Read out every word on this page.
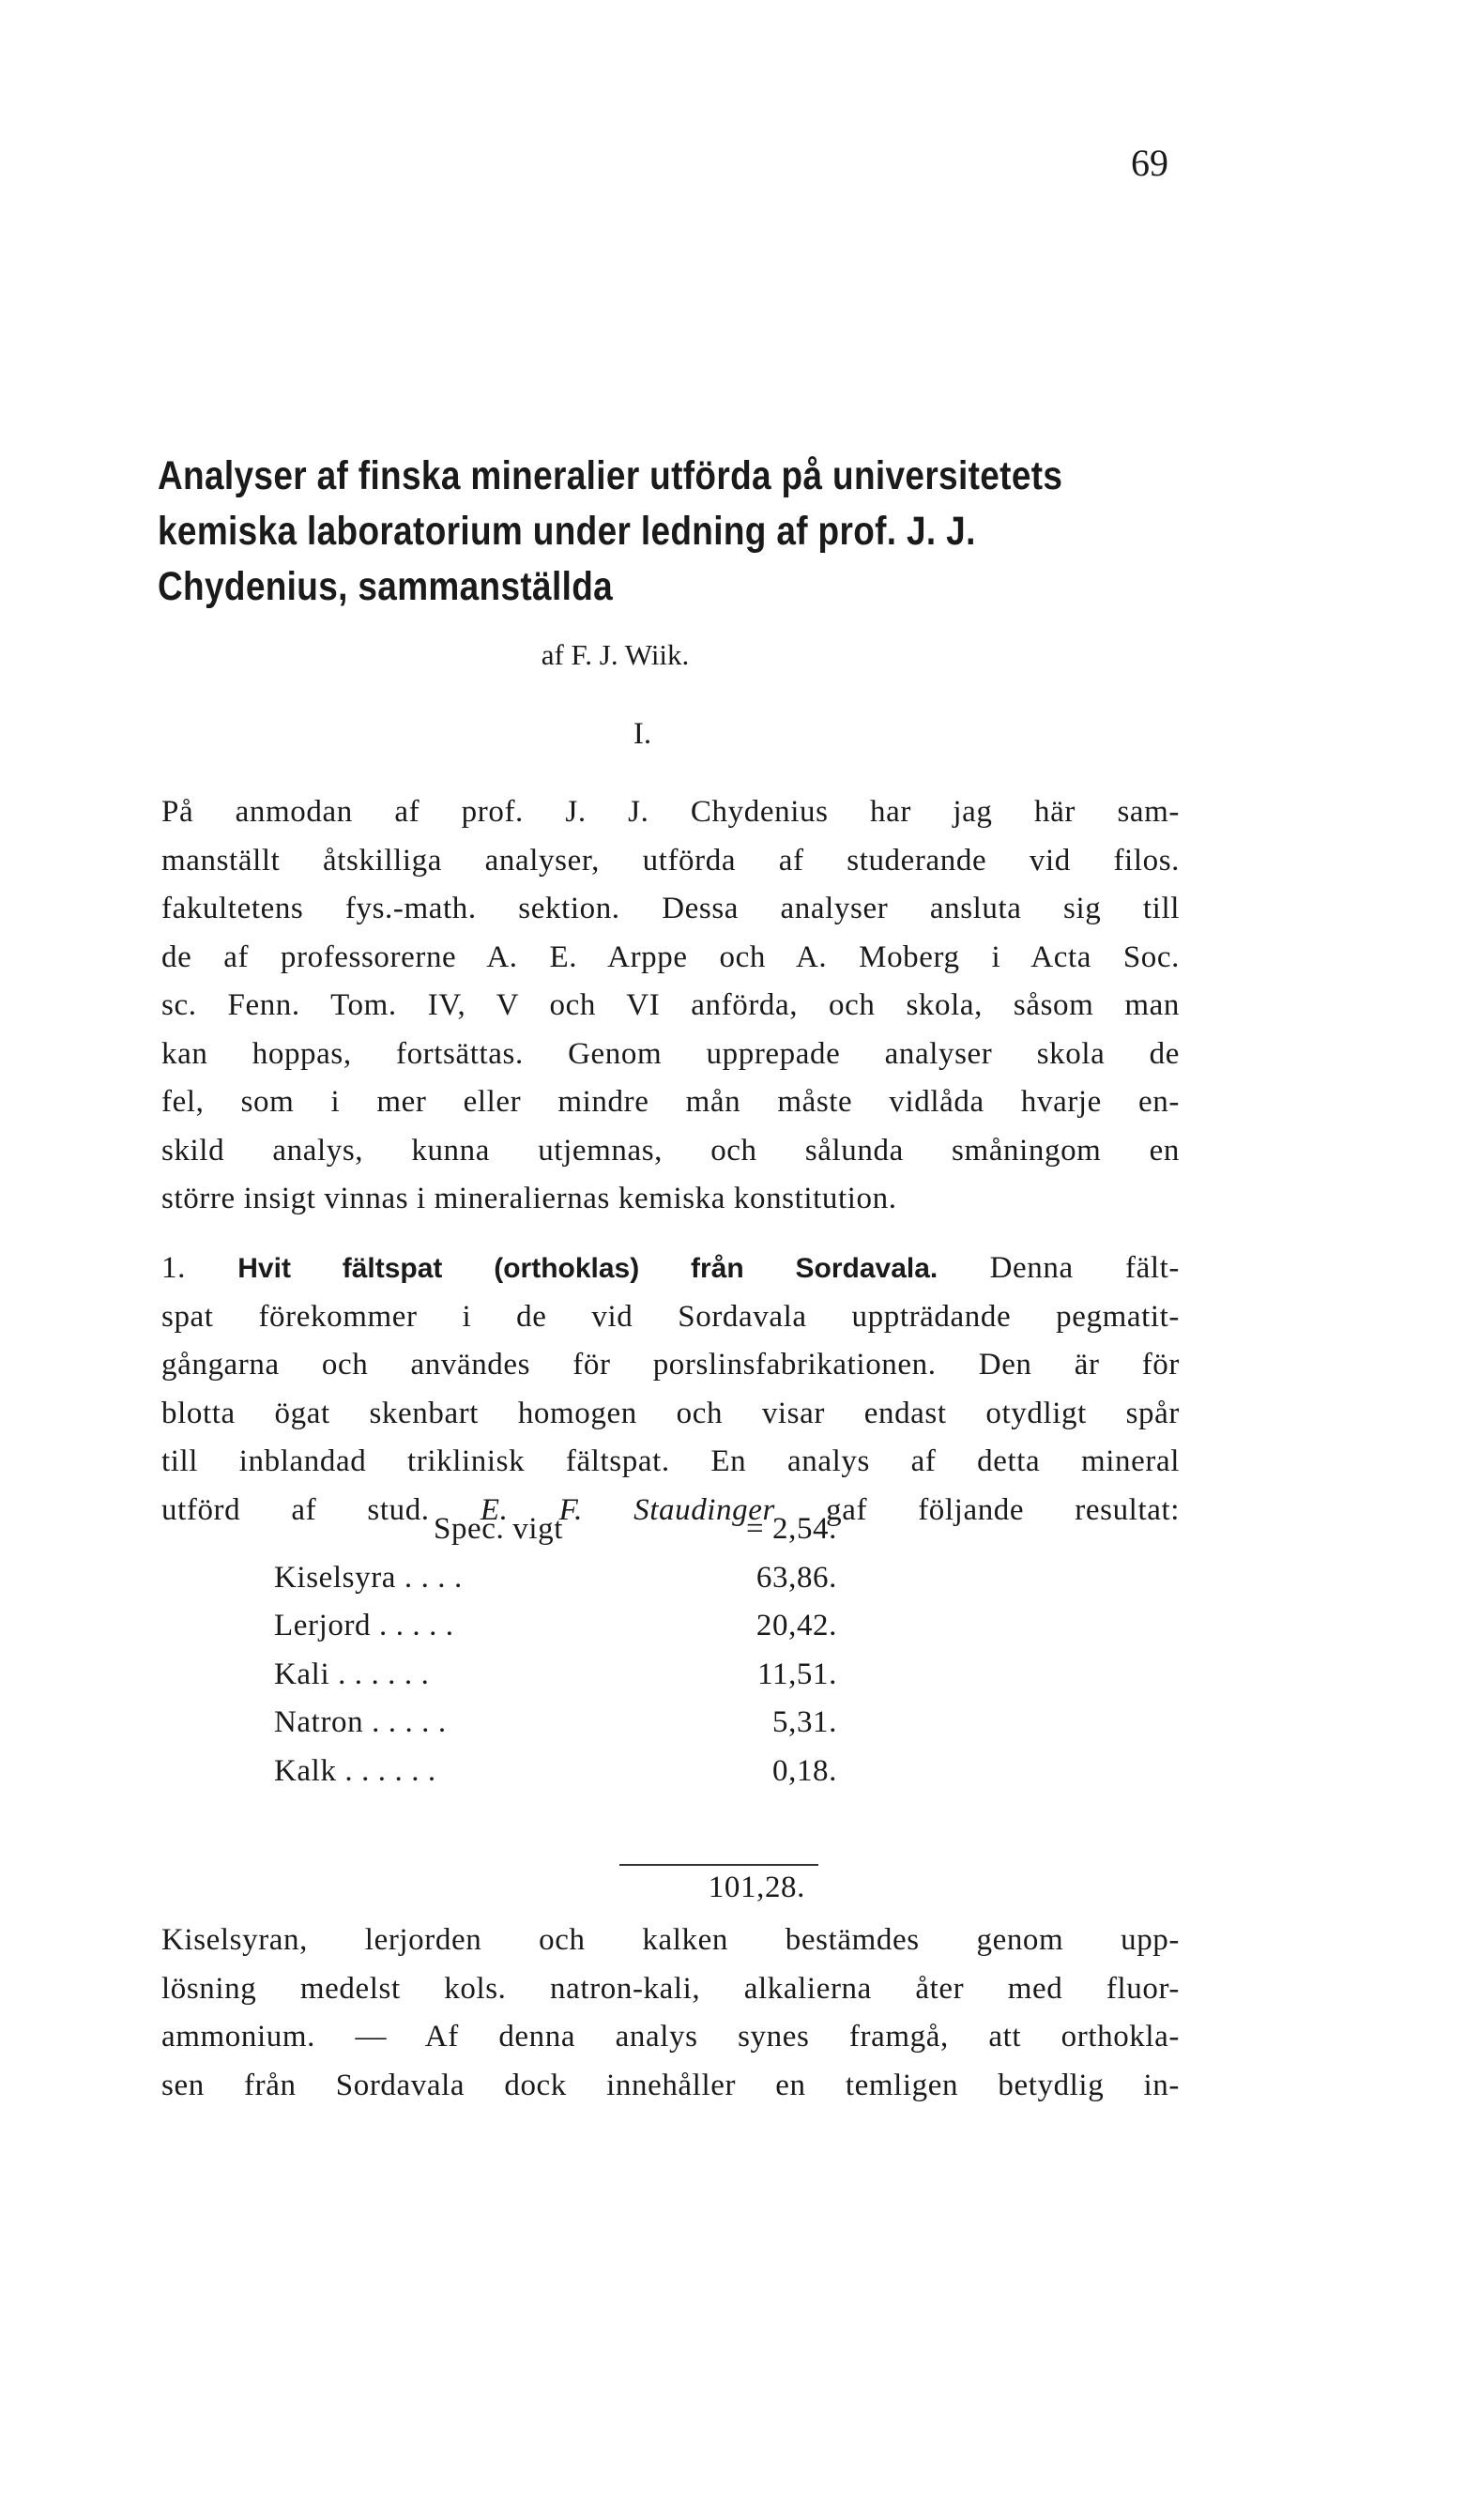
69
Analyser af finska mineralier utförda på universitetets
kemiska laboratorium under ledning af prof. J. J.
Chydenius, sammanställda
af F. J. Wiik.
I.
På anmodan af prof. J. J. Chydenius har jag här sam-
manställt åtskilliga analyser, utförda af studerande vid filos.
fakultetens fys.-math. sektion. Dessa analyser ansluta sig till
de af professorerne A. E. Arppe och A. Moberg i Acta Soc.
sc. Fenn. Tom. IV, V och VI anförda, och skola, såsom man
kan hoppas, fortsättas. Genom upprepade analyser skola de
fel, som i mer eller mindre mån måste vidlåda hvarje en-
skild analys, kunna utjemnas, och sålunda småningom en
större insigt vinnas i mineraliernas kemiska konstitution.
1. Hvit fältspat (orthoklas) från Sordavala. Denna fält-
spat förekommer i de vid Sordavala uppträdande pegmatit-
gångarna och användes för porslinsfabrikationen. Den är för
blotta ögat skenbart homogen och visar endast otydligt spår
till inblandad triklinisk fältspat. En analys af detta mineral
utförd af stud. E. F. Staudinger gaf följande resultat:
Spec. vigt	= 2,54.
Kiselsyra . . . .	63,86.
Lerjord . . . . .	20,42.
Kali . . . . . .	11,51.
Natron . . . . .	5,31.
Kalk . . . . . .	0,18.
101,28.
Kiselsyran, lerjorden och kalken bestämdes genom upp-
lösning medelst kols. natron-kali, alkalierna åter med fluor-
ammonium. — Af denna analys synes framgå, att orthokla-
sen från Sordavala dock innehåller en temligen betydlig in-
